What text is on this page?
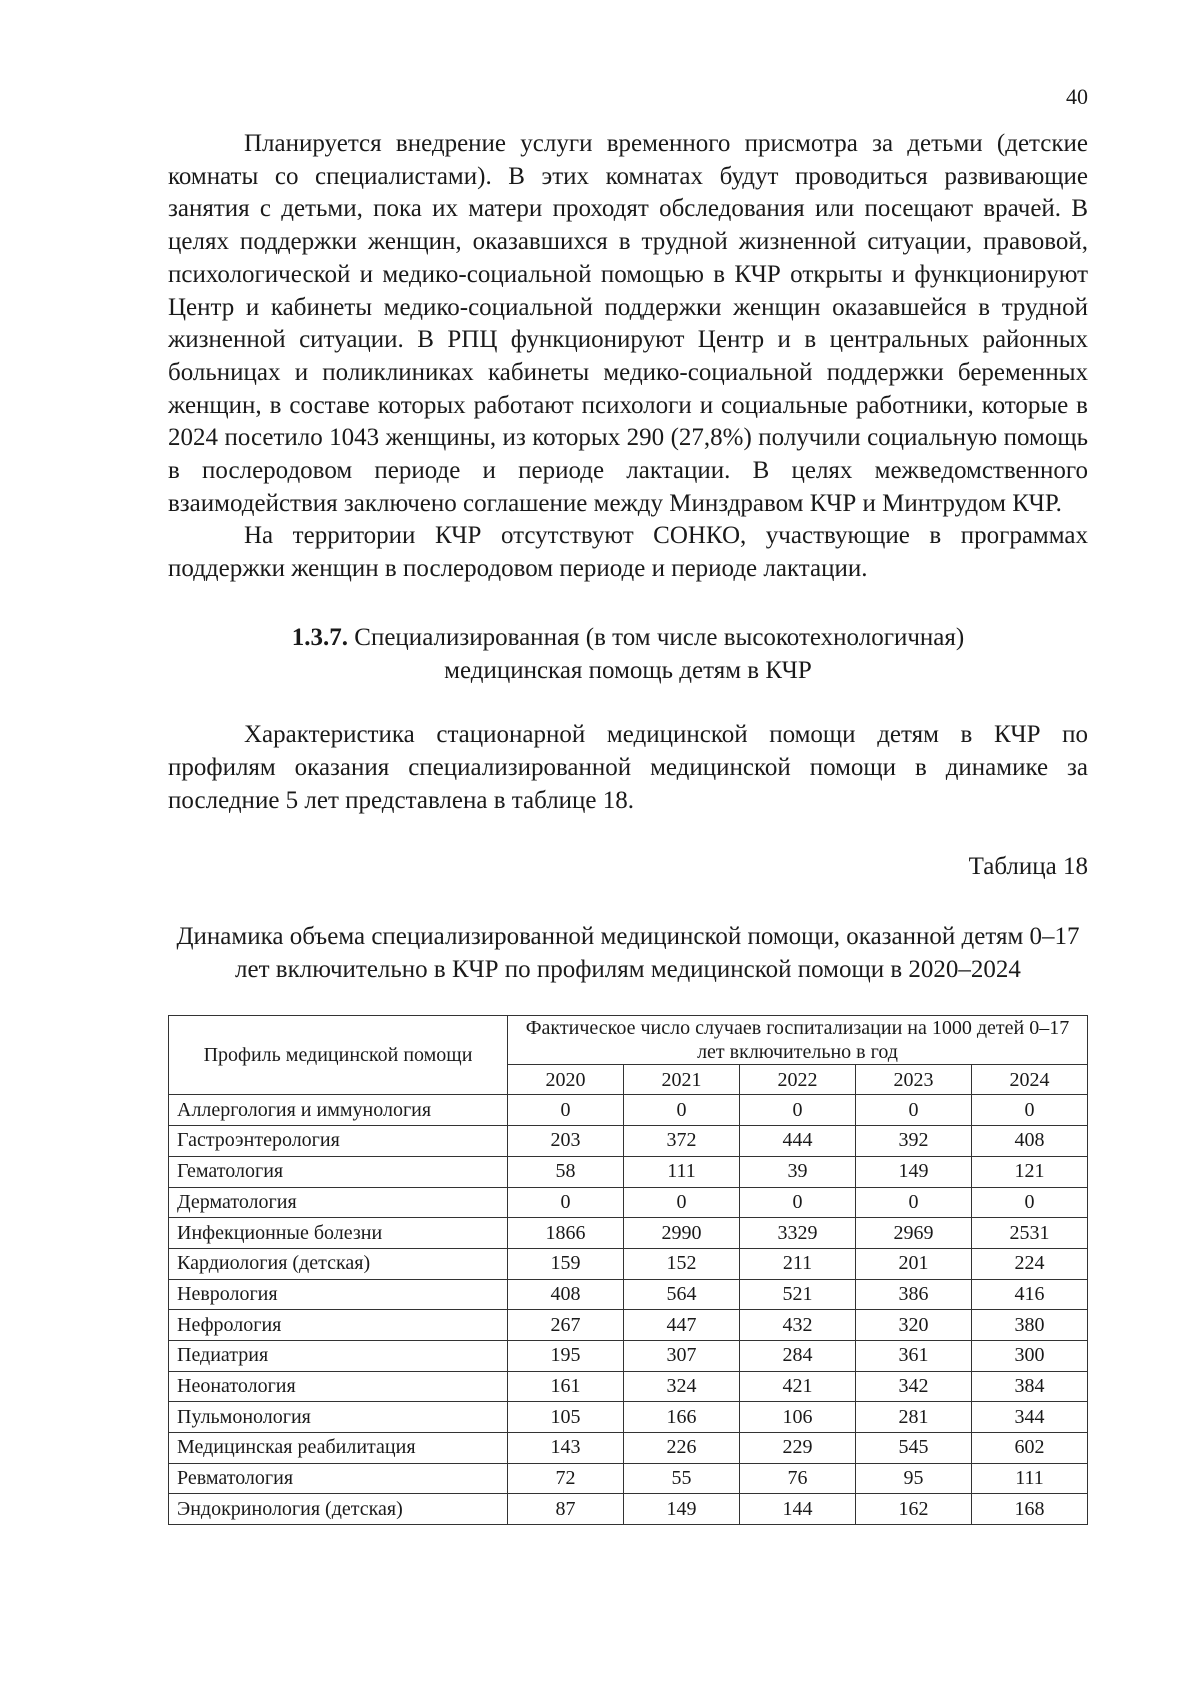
40

Планируется внедрение услуги временного присмотра за детьми (детские комнаты со специалистами). В этих комнатах будут проводиться развивающие занятия с детьми, пока их матери проходят обследования или посещают врачей. В целях поддержки женщин, оказавшихся в трудной жизненной ситуации, правовой, психологической и медико-социальной помощью в КЧР открыты и функционируют Центр и кабинеты медико-социальной поддержки женщин оказавшейся в трудной жизненной ситуации. В РПЦ функционируют Центр и в центральных районных больницах и поликлиниках кабинеты медико-социальной поддержки беременных женщин, в составе которых работают психологи и социальные работники, которые в 2024 посетило 1043 женщины, из которых 290 (27,8%) получили социальную помощь в послеродовом периоде и периоде лактации. В целях межведомственного взаимодействия заключено соглашение между Минздравом КЧР и Минтрудом КЧР.

На территории КЧР отсутствуют СОНКО, участвующие в программах поддержки женщин в послеродовом периоде и периоде лактации.

1.3.7. Специализированная (в том числе высокотехнологичная)
медицинская помощь детям в КЧР

Характеристика стационарной медицинской помощи детям в КЧР по профилям оказания специализированной медицинской помощи в динамике за последние 5 лет представлена в таблице 18.

Таблица 18
Динамика объема специализированной медицинской помощи, оказанной детям 0–17 лет включительно в КЧР по профилям медицинской помощи в 2020–2024
Профиль медицинской помощи	Фактическое число случаев госпитализации на 1000 детей 0–17 лет включительно в год				
	2020	2021	2022	2023	2024
Аллергология и иммунология	0	0	0	0	0
Гастроэнтерология	203	372	444	392	408
Гематология	58	111	39	149	121
Дерматология	0	0	0	0	0
Инфекционные болезни	1866	2990	3329	2969	2531
Кардиология (детская)	159	152	211	201	224
Неврология	408	564	521	386	416
Нефрология	267	447	432	320	380
Педиатрия	195	307	284	361	300
Неонатология	161	324	421	342	384
Пульмонология	105	166	106	281	344
Медицинская реабилитация	143	226	229	545	602
Ревматология	72	55	76	95	111
Эндокринология (детская)	87	149	144	162	168
